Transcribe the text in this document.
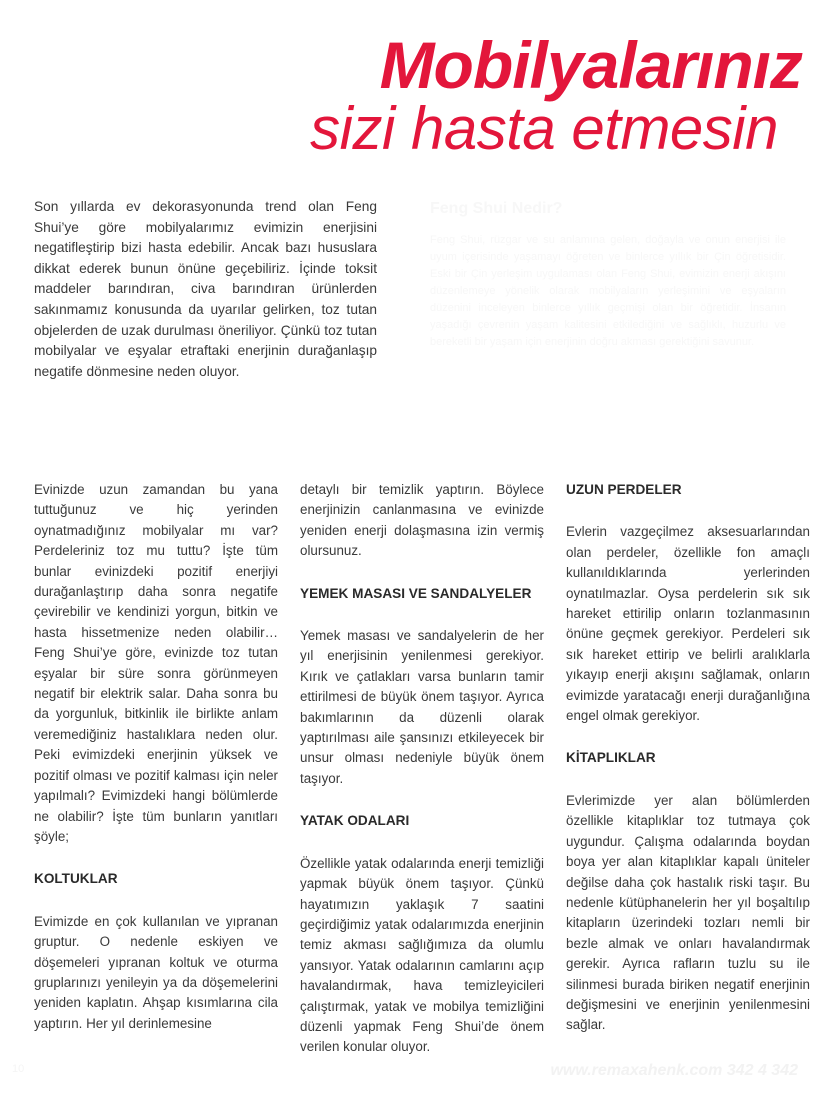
Mobilyalarınız
sizi hasta etmesin

Son yıllarda ev dekorasyonunda trend olan Feng Shui’ye göre mobilyalarımız evimizin enerjisini negatifleştirip bizi hasta edebilir. Ancak bazı hususlara dikkat ederek bunun önüne geçebiliriz. İçinde toksit maddeler barındıran, civa barındıran ürünlerden sakınmamız konusunda da uyarılar gelirken, toz tutan objelerden de uzak durulması öneriliyor. Çünkü toz tutan mobilyalar ve eşyalar etraftaki enerjinin durağanlaşıp negatife dönmesine neden oluyor.

Feng Shui Nedir?

Feng Shui, rüzgar ve su anlamına gelen, doğayla ve onun enerjisi ile uyum içerisinde yaşamayı öğreten ve binlerce yıllık bir Çin öğretisidir. Eski bir Çin yerleşim uygulaması olan Feng Shui, evimizin enerji akışını düzenlemeye yönelik olarak mobilyaların yerleşimini ve eşyaların düzenini inceleyen binlerce yıllık geçmişi olan bir öğretidir. İnsanın yaşadığı çevrenin yaşam kalitesini etkilediğini ve sağlıklı, huzurlu ve bereketli bir yaşam için enerjinin doğru akması gerektiğini savunur.

Evinizde uzun zamandan bu yana tuttuğunuz ve hiç yerinden oynatmadığınız mobilyalar mı var? Perdeleriniz toz mu tuttu? İşte tüm bunlar evinizdeki pozitif enerjiyi durağanlaştırıp daha sonra negatife çevirebilir ve kendinizi yorgun, bitkin ve hasta hissetmenize neden olabilir… Feng Shui’ye göre, evinizde toz tutan eşyalar bir süre sonra görünmeyen negatif bir elektrik salar. Daha sonra bu da yorgunluk, bitkinlik ile birlikte anlam veremediğiniz hastalıklara neden olur. Peki evimizdeki enerjinin yüksek ve pozitif olması ve pozitif kalması için neler yapılmalı? Evimizdeki hangi bölümlerde ne olabilir? İşte tüm bunların yanıtları şöyle;

KOLTUKLAR

Evimizde en çok kullanılan ve yıpranan gruptur. O nedenle eskiyen ve döşemeleri yıpranan koltuk ve oturma gruplarınızı yenileyin ya da döşemelerini yeniden kaplatın. Ahşap kısımlarına cila yaptırın. Her yıl derinlemesine

detaylı bir temizlik yaptırın. Böylece enerjinizin canlanmasına ve evinizde yeniden enerji dolaşmasına izin vermiş olursunuz.

YEMEK MASASI VE SANDALYELER

Yemek masası ve sandalyelerin de her yıl enerjisinin yenilenmesi gerekiyor. Kırık ve çatlakları varsa bunların tamir ettirilmesi de büyük önem taşıyor. Ayrıca bakımlarının da düzenli olarak yaptırılması aile şansınızı etkileyecek bir unsur olması nedeniyle büyük önem taşıyor.

YATAK ODALARI

Özellikle yatak odalarında enerji temizliği yapmak büyük önem taşıyor. Çünkü hayatımızın yaklaşık 7 saatini geçirdiğimiz yatak odalarımızda enerjinin temiz akması sağlığımıza da olumlu yansıyor. Yatak odalarının camlarını açıp havalandırmak, hava temizleyicileri çalıştırmak, yatak ve mobilya temizliğini düzenli yapmak Feng Shui’de önem verilen konular oluyor.

UZUN PERDELER

Evlerin vazgeçilmez aksesuarlarından olan perdeler, özellikle fon amaçlı kullanıldıklarında yerlerinden oynatılmazlar. Oysa perdelerin sık sık hareket ettirilip onların tozlanmasının önüne geçmek gerekiyor. Perdeleri sık sık hareket ettirip ve belirli aralıklarla yıkayıp enerji akışını sağlamak, onların evimizde yaratacağı enerji durağanlığına engel olmak gerekiyor.

KİTAPLIKLAR

Evlerimizde yer alan bölümlerden özellikle kitaplıklar toz tutmaya çok uygundur. Çalışma odalarında boydan boya yer alan kitaplıklar kapalı üniteler değilse daha çok hastalık riski taşır. Bu nedenle kütüphanelerin her yıl boşaltılıp kitapların üzerindeki tozları nemli bir bezle almak ve onları havalandırmak gerekir. Ayrıca rafların tuzlu su ile silinmesi burada biriken negatif enerjinin değişmesini ve enerjinin yenilenmesini sağlar.

10	www.remaxahenk.com 342 4 342
